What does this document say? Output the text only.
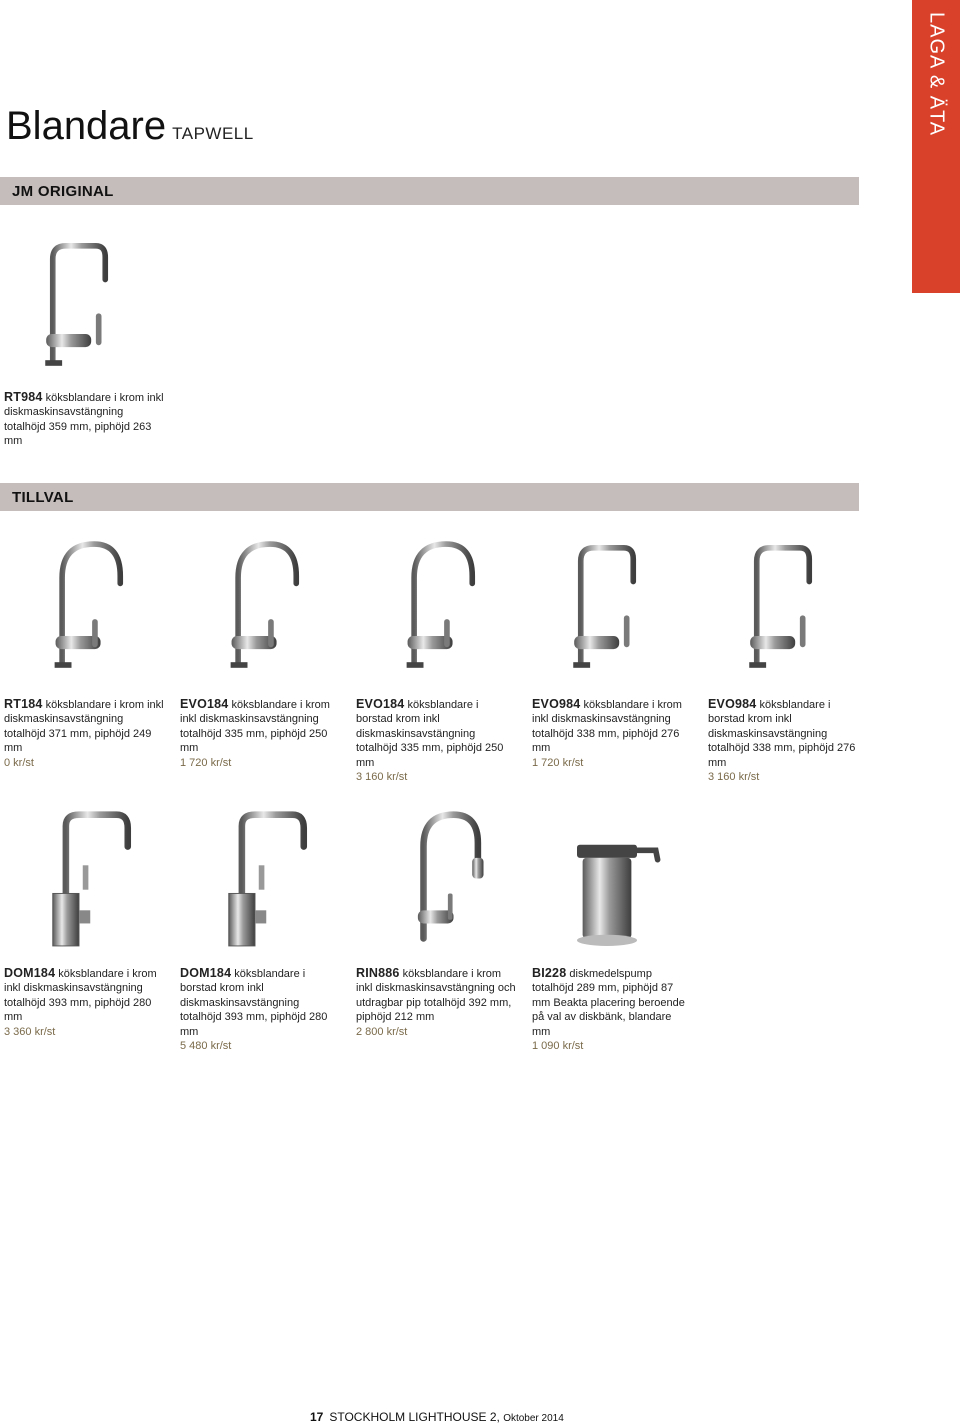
LAGA & ÄTA
Blandare TAPWELL
JM ORIGINAL
TILLVAL
RT984 köksblandare i krom inkl diskmaskinsavstängning totalhöjd 359 mm, piphöjd 263 mm
RT184 köksblandare i krom inkl diskmaskinsavstängning totalhöjd 371 mm, piphöjd 249 mm
0 kr/st
EVO184 köksblandare i krom inkl diskmaskinsavstängning totalhöjd 335 mm, piphöjd 250 mm
1 720 kr/st
EVO184 köksblandare i borstad krom inkl diskmaskinsavstängning totalhöjd 335 mm, piphöjd 250 mm
3 160 kr/st
EVO984 köksblandare i krom inkl diskmaskinsavstängning totalhöjd 338 mm, piphöjd 276 mm
1 720 kr/st
EVO984 köksblandare i borstad krom inkl diskmaskinsavstängning totalhöjd 338 mm, piphöjd 276 mm
3 160 kr/st
DOM184 köksblandare i krom inkl diskmaskinsavstängning totalhöjd 393 mm, piphöjd 280 mm
3 360 kr/st
DOM184 köksblandare i borstad krom inkl diskmaskinsavstängning totalhöjd 393 mm, piphöjd 280 mm
5 480 kr/st
RIN886 köksblandare i krom inkl diskmaskinsavstängning och utdragbar pip totalhöjd 392 mm, piphöjd 212 mm
2 800 kr/st
BI228 diskmedelspump totalhöjd 289 mm, piphöjd 87 mm Beakta placering beroende på val av diskbänk, blandare mm
1 090 kr/st
17 STOCKHOLM LIGHTHOUSE 2, Oktober 2014
